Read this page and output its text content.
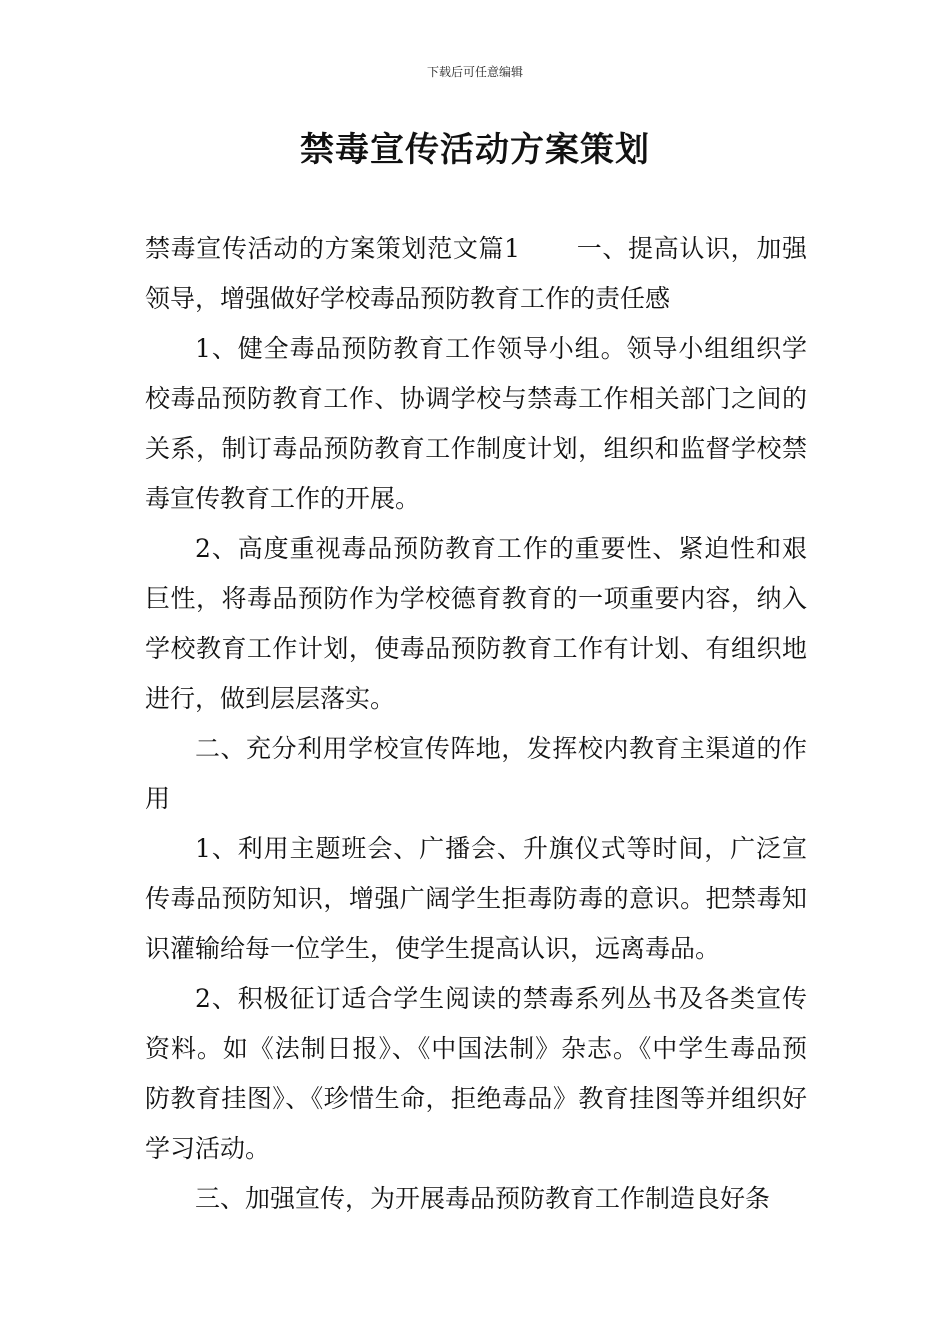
下载后可任意编辑
禁毒宣传活动方案策划

禁毒宣传活动的方案策划范文篇1 一、提高认识，加强领导，增强做好学校毒品预防教育工作的责任感

1、健全毒品预防教育工作领导小组。领导小组组织学校毒品预防教育工作、协调学校与禁毒工作相关部门之间的关系，制订毒品预防教育工作制度计划，组织和监督学校禁毒宣传教育工作的开展。

2、高度重视毒品预防教育工作的重要性、紧迫性和艰巨性，将毒品预防作为学校德育教育的一项重要内容，纳入学校教育工作计划，使毒品预防教育工作有计划、有组织地进行，做到层层落实。

二、充分利用学校宣传阵地，发挥校内教育主渠道的作用

1、利用主题班会、广播会、升旗仪式等时间，广泛宣传毒品预防知识，增强广阔学生拒毒防毒的意识。把禁毒知识灌输给每一位学生，使学生提高认识，远离毒品。

2、积极征订适合学生阅读的禁毒系列丛书及各类宣传资料。如《法制日报》、《中国法制》杂志。《中学生毒品预防教育挂图》、《珍惜生命，拒绝毒品》教育挂图等并组织好学习活动。

三、加强宣传，为开展毒品预防教育工作制造良好条
